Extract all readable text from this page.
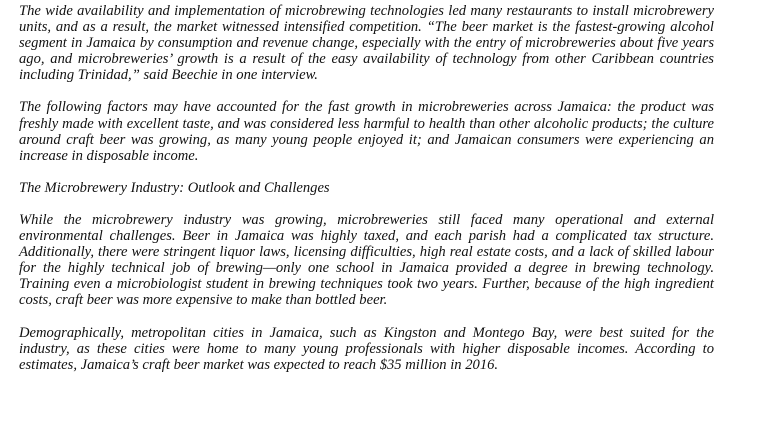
The wide availability and implementation of microbrewing technologies led many restaurants to install microbrewery units, and as a result, the market witnessed intensified competition. “The beer market is the fastest-growing alcohol segment in Jamaica by consumption and revenue change, especially with the entry of microbreweries about five years ago, and microbreweries’ growth is a result of the easy availability of technology from other Caribbean countries including Trinidad,” said Beechie in one interview.

The following factors may have accounted for the fast growth in microbreweries across Jamaica: the product was freshly made with excellent taste, and was considered less harmful to health than other alcoholic products; the culture around craft beer was growing, as many young people enjoyed it; and Jamaican consumers were experiencing an increase in disposable income.

The Microbrewery Industry: Outlook and Challenges

While the microbrewery industry was growing, microbreweries still faced many operational and external environmental challenges. Beer in Jamaica was highly taxed, and each parish had a complicated tax structure. Additionally, there were stringent liquor laws, licensing difficulties, high real estate costs, and a lack of skilled labour for the highly technical job of brewing—only one school in Jamaica provided a degree in brewing technology. Training even a microbiologist student in brewing techniques took two years. Further, because of the high ingredient costs, craft beer was more expensive to make than bottled beer.

Demographically, metropolitan cities in Jamaica, such as Kingston and Montego Bay, were best suited for the industry, as these cities were home to many young professionals with higher disposable incomes. According to estimates, Jamaica’s craft beer market was expected to reach $35 million in 2016.
